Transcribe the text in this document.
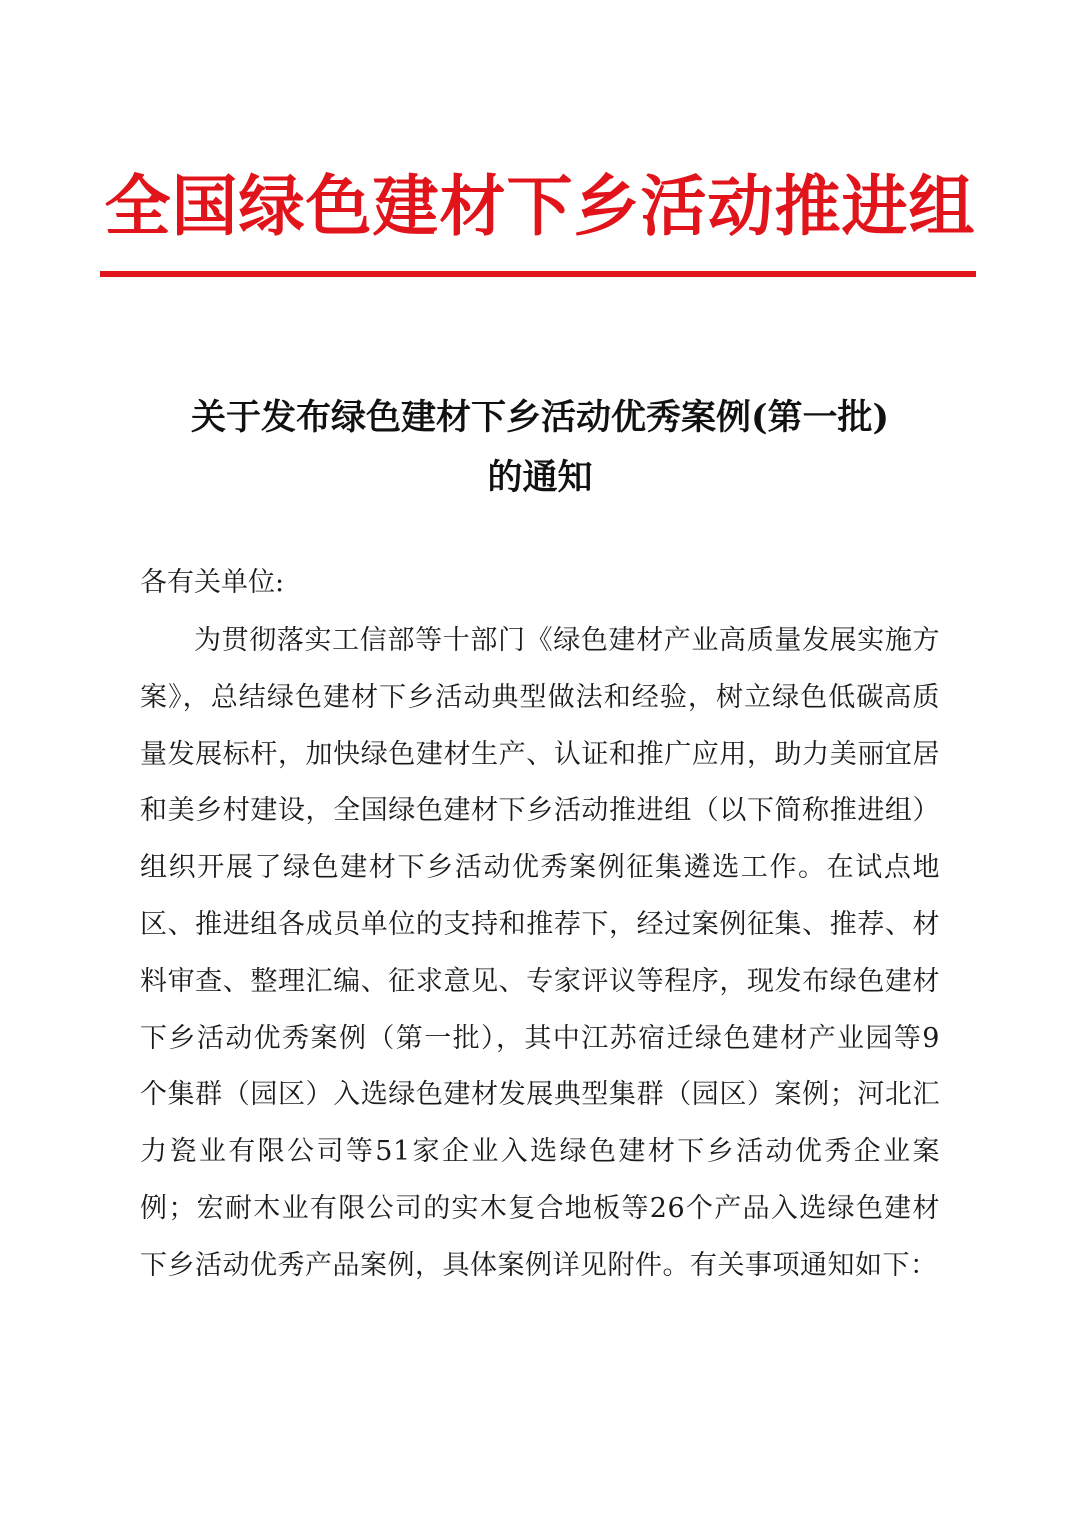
全国绿色建材下乡活动推进组
关于发布绿色建材下乡活动优秀案例(第一批)
的通知
各有关单位:

为贯彻落实工信部等十部门《绿色建材产业高质量发展实施方案》，总结绿色建材下乡活动典型做法和经验，树立绿色低碳高质量发展标杆，加快绿色建材生产、认证和推广应用，助力美丽宜居和美乡村建设，全国绿色建材下乡活动推进组（以下简称推进组）组织开展了绿色建材下乡活动优秀案例征集遴选工作。在试点地区、推进组各成员单位的支持和推荐下，经过案例征集、推荐、材料审查、整理汇编、征求意见、专家评议等程序，现发布绿色建材下乡活动优秀案例（第一批），其中江苏宿迁绿色建材产业园等9个集群（园区）入选绿色建材发展典型集群（园区）案例；河北汇力瓷业有限公司等51家企业入选绿色建材下乡活动优秀企业案例；宏耐木业有限公司的实木复合地板等26个产品入选绿色建材下乡活动优秀产品案例，具体案例详见附件。有关事项通知如下：
